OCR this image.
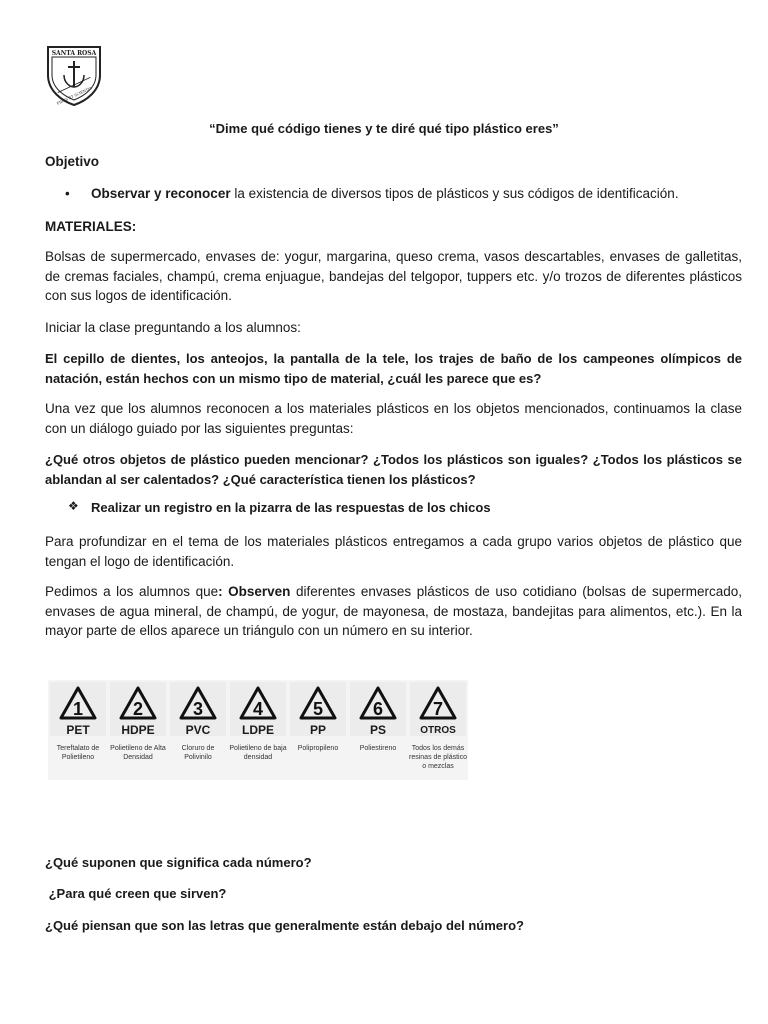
SANTA ROSA
FIDES ET SCIENTIA
“Dime qué código tienes y te diré qué tipo plástico eres”
Objetivo
• Observar y reconocer la existencia de diversos tipos de plásticos y sus códigos de identificación.
MATERIALES:
Bolsas de supermercado, envases de: yogur, margarina, queso crema, vasos descartables, envases de galletitas, de cremas faciales, champú, crema enjuague, bandejas del telgopor, tuppers etc. y/o trozos de diferentes plásticos con sus logos de identificación.
Iniciar la clase preguntando a los alumnos:
El cepillo de dientes, los anteojos, la pantalla de la tele, los trajes de baño de los campeones olímpicos de natación, están hechos con un mismo tipo de material, ¿cuál les parece que es?
Una vez que los alumnos reconocen a los materiales plásticos en los objetos mencionados, continuamos la clase con un diálogo guiado por las siguientes preguntas:
¿Qué otros objetos de plástico pueden mencionar? ¿Todos los plásticos son iguales? ¿Todos los plásticos se ablandan al ser calentados? ¿Qué característica tienen los plásticos?
❖ Realizar un registro en la pizarra de las respuestas de los chicos
Para profundizar en el tema de los materiales plásticos entregamos a cada grupo varios objetos de plástico que tengan el logo de identificación.
Pedimos a los alumnos que: Observen diferentes envases plásticos de uso cotidiano (bolsas de supermercado, envases de agua mineral, de champú, de yogur, de mayonesa, de mostaza, bandejitas para alimentos, etc.). En la mayor parte de ellos aparece un triángulo con un número en su interior.
1
PET
Tereftalato de Polietileno
2
HDPE
Polietileno de Alta Densidad
3
PVC
Cloruro de Polivinilo
4
LDPE
Polietileno de baja densidad
5
PP
Polipropileno
6
PS
Poliestireno
7
OTROS
Todos los demás resinas de plástico o mezclas
¿Qué suponen que significa cada número?
¿Para qué creen que sirven?
¿Qué piensan que son las letras que generalmente están debajo del número?
